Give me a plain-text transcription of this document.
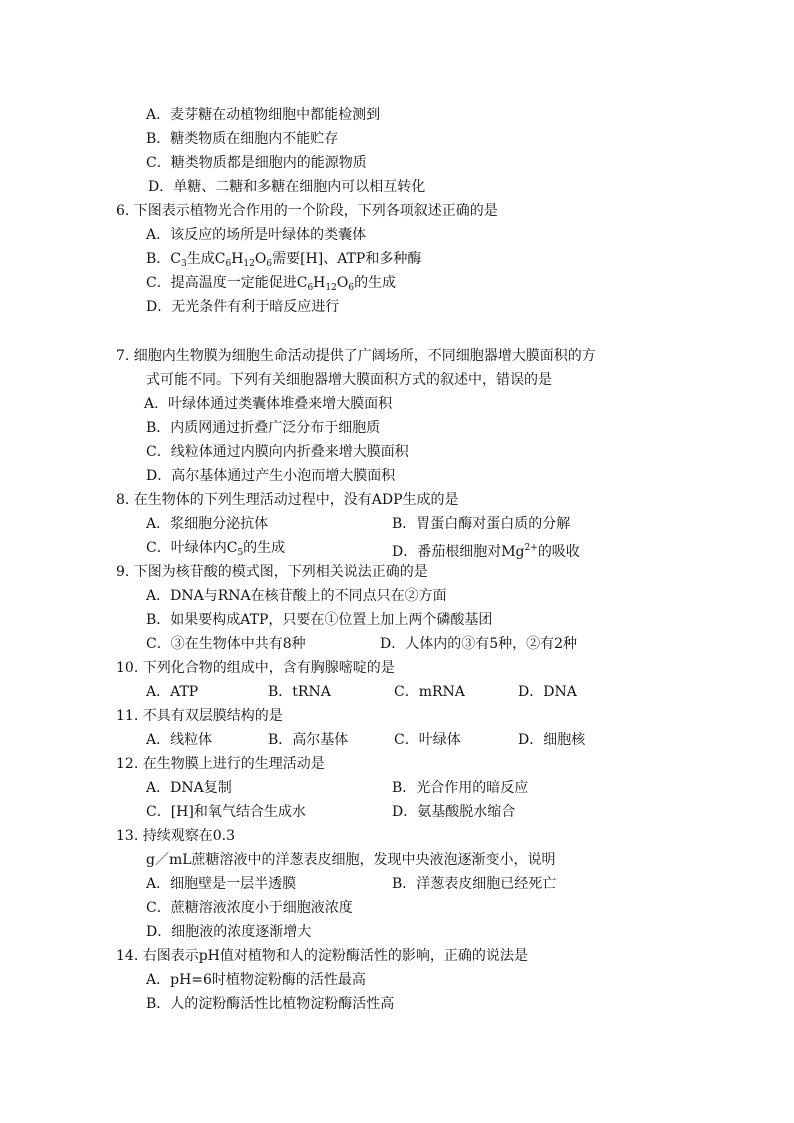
A．麦芽糖在动植物细胞中都能检测到
B．糖类物质在细胞内不能贮存
C．糖类物质都是细胞内的能源物质
D．单糖、二糖和多糖在细胞内可以相互转化
6. 下图表示植物光合作用的一个阶段，下列各项叙述正确的是
A．该反应的场所是叶绿体的类囊体
B．$C_3$生成$C_6H_{12}O_6$需要[H]、ATP和多种酶
C．提高温度一定能促进$C_6H_{12}O_6$的生成
D．无光条件有利于暗反应进行
7. 细胞内生物膜为细胞生命活动提供了广阔场所，不同细胞器增大膜面积的方
式可能不同。下列有关细胞器增大膜面积方式的叙述中，错误的是
A．叶绿体通过类囊体堆叠来增大膜面积
B．内质网通过折叠广泛分布于细胞质
C．线粒体通过内膜向内折叠来增大膜面积
D．高尔基体通过产生小泡而增大膜面积
8. 在生物体的下列生理活动过程中，没有ADP生成的是
A．浆细胞分泌抗体	B．胃蛋白酶对蛋白质的分解
C．叶绿体内$C_5$的生成	D．番茄根细胞对$Mg^{2+}$的吸收
9. 下图为核苷酸的模式图，下列相关说法正确的是
A．DNA与RNA在核苷酸上的不同点只在②方面
B．如果要构成ATP，只要在①位置上加上两个磷酸基团
C．③在生物体中共有8种	D．人体内的③有5种，②有2种
10. 下列化合物的组成中，含有胸腺嘧啶的是
A．ATP	B．tRNA	C．mRNA	D．DNA
11. 不具有双层膜结构的是
A．线粒体	B．高尔基体	C．叶绿体	D．细胞核
12. 在生物膜上进行的生理活动是
A．DNA复制	B．光合作用的暗反应
C．[H]和氧气结合生成水	D．氨基酸脱水缩合
13. 持续观察在0.3
g／mL蔗糖溶液中的洋葱表皮细胞，发现中央液泡逐渐变小，说明
A．细胞壁是一层半透膜	B．洋葱表皮细胞已经死亡
C．蔗糖溶液浓度小于细胞液浓度
D．细胞液的浓度逐渐增大
14. 右图表示pH值对植物和人的淀粉酶活性的影响，正确的说法是
A．pH=6时植物淀粉酶的活性最高
B．人的淀粉酶活性比植物淀粉酶活性高
